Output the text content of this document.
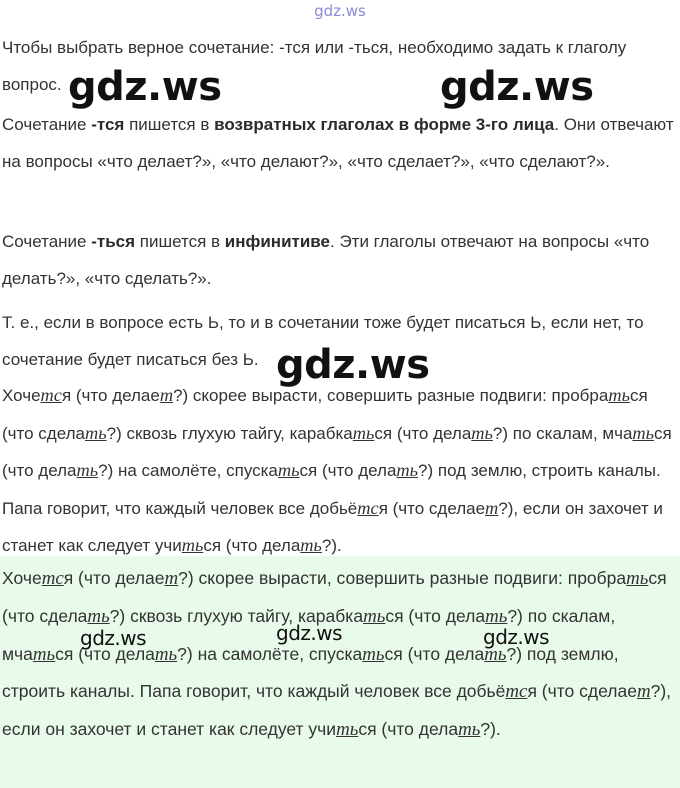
gdz.ws

Чтобы выбрать верное сочетание: -тся или -ться, необходимо задать к глаголу вопрос.

Сочетание -тся пишется в возвратных глаголах в форме 3-го лица. Они отвечают на вопросы «что делает?», «что делают?», «что сделает?», «что сделают?».

Сочетание -ться пишется в инфинитиве. Эти глаголы отвечают на вопросы «что делать?», «что сделать?».

Т. е., если в вопросе есть Ь, то и в сочетании тоже будет писаться Ь, если нет, то сочетание будет писаться без Ь.

Хочется (что делает?) скорее вырасти, совершить разные подвиги: пробраться (что сделaть?) сквозь глухую тайгу, карабкаться (что делать?) по скалам, мчаться (что делать?) на самолёте, спускаться (что делать?) под землю, строить каналы. Папа говорит, что каждый человек все добьётся (что сделает?), если он захочет и станет как следует учиться (что делать?).

Хочется (что делает?) скорее вырасти, совершить разные подвиги: пробраться (что сделaть?) сквозь глухую тайгу, карабкаться (что делать?) по скалам, мчаться (что делать?) на самолёте, спускаться (что делать?) под землю, строить каналы. Папа говорит, что каждый человек все добьётся (что сделает?), если он захочет и станет как следует учиться (что делать?).

gdz.ws	gdz.ws
gdz.ws
gdz.ws	gdz.ws	gdz.ws
